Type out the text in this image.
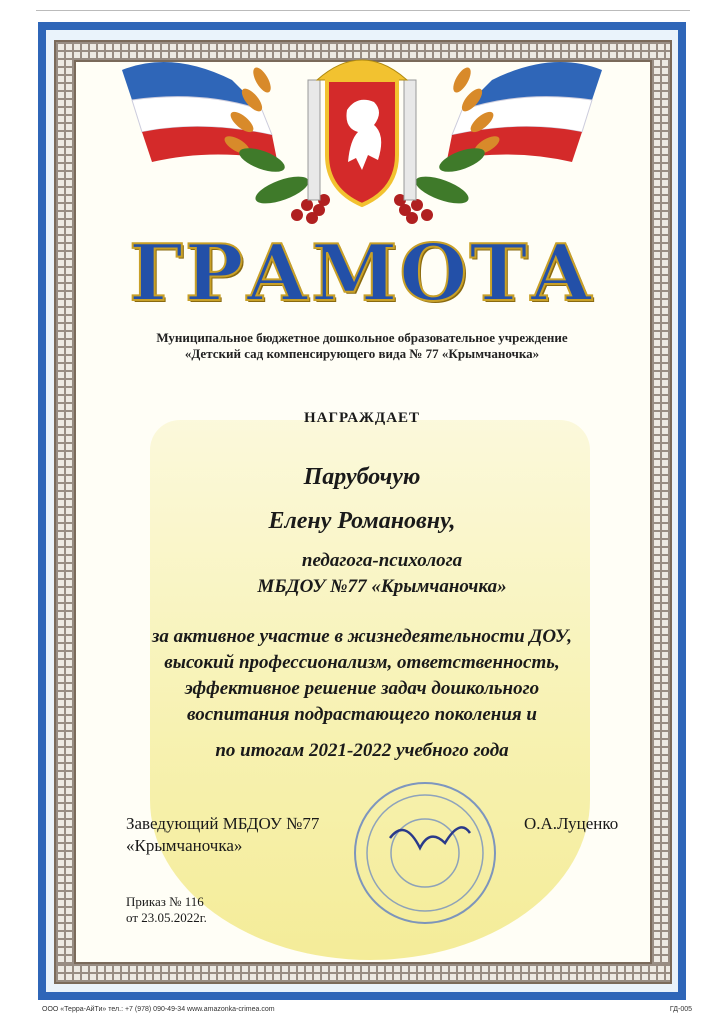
ГРАМОТА
Муниципальное бюджетное дошкольное образовательное учреждение
«Детский сад компенсирующего вида № 77 «Крымчаночка»
НАГРАЖДАЕТ
Парубочую
Елену Романовну,
педагога-психолога
МБДОУ №77 «Крымчаночка»
за активное участие в жизнедеятельности ДОУ,
высокий профессионализм, ответственность,
эффективное решение задач дошкольного
воспитания подрастающего поколения и
по итогам 2021-2022 учебного года
Заведующий МБДОУ №77
«Крымчаночка»
О.А.Луценко
Приказ № 116
от 23.05.2022г.
ООО «Терра-АйТи» тел.: +7 (978) 090-49-34 www.amazonka-crimea.com	ГД-005
